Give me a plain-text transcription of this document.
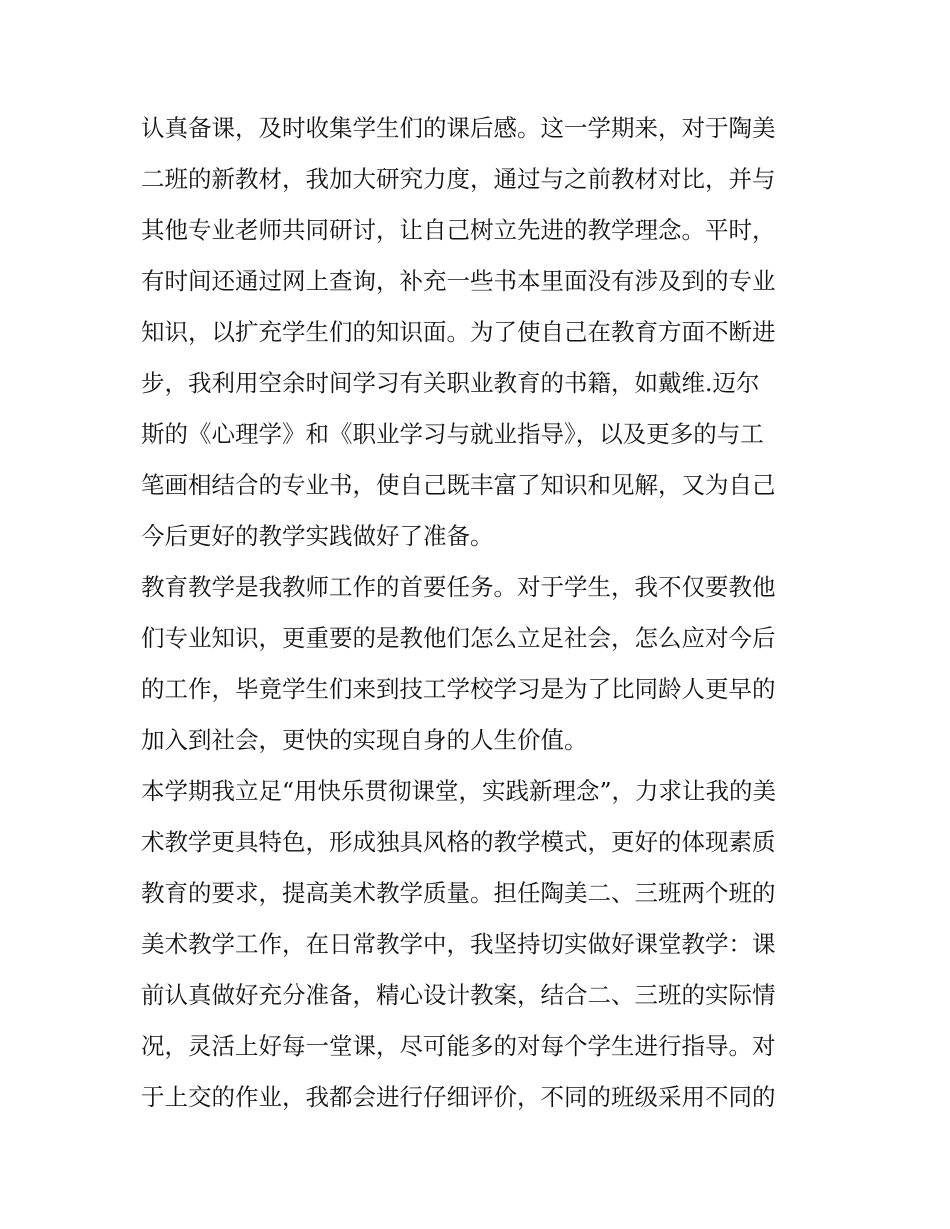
认真备课，及时收集学生们的课后感。这一学期来，对于陶美
二班的新教材，我加大研究力度，通过与之前教材对比，并与
其他专业老师共同研讨，让自己树立先进的教学理念。平时，
有时间还通过网上查询，补充一些书本里面没有涉及到的专业
知识，以扩充学生们的知识面。为了使自己在教育方面不断进
步，我利用空余时间学习有关职业教育的书籍，如戴维.迈尔
斯的《心理学》和《职业学习与就业指导》，以及更多的与工
笔画相结合的专业书，使自己既丰富了知识和见解，又为自己
今后更好的教学实践做好了准备。
教育教学是我教师工作的首要任务。对于学生，我不仅要教他
们专业知识，更重要的是教他们怎么立足社会，怎么应对今后
的工作，毕竟学生们来到技工学校学习是为了比同龄人更早的
加入到社会，更快的实现自身的人生价值。
本学期我立足“用快乐贯彻课堂，实践新理念”，力求让我的美
术教学更具特色，形成独具风格的教学模式，更好的体现素质
教育的要求，提高美术教学质量。担任陶美二、三班两个班的
美术教学工作，在日常教学中，我坚持切实做好课堂教学：课
前认真做好充分准备，精心设计教案，结合二、三班的实际情
况，灵活上好每一堂课，尽可能多的对每个学生进行指导。对
于上交的作业，我都会进行仔细评价，不同的班级采用不同的
